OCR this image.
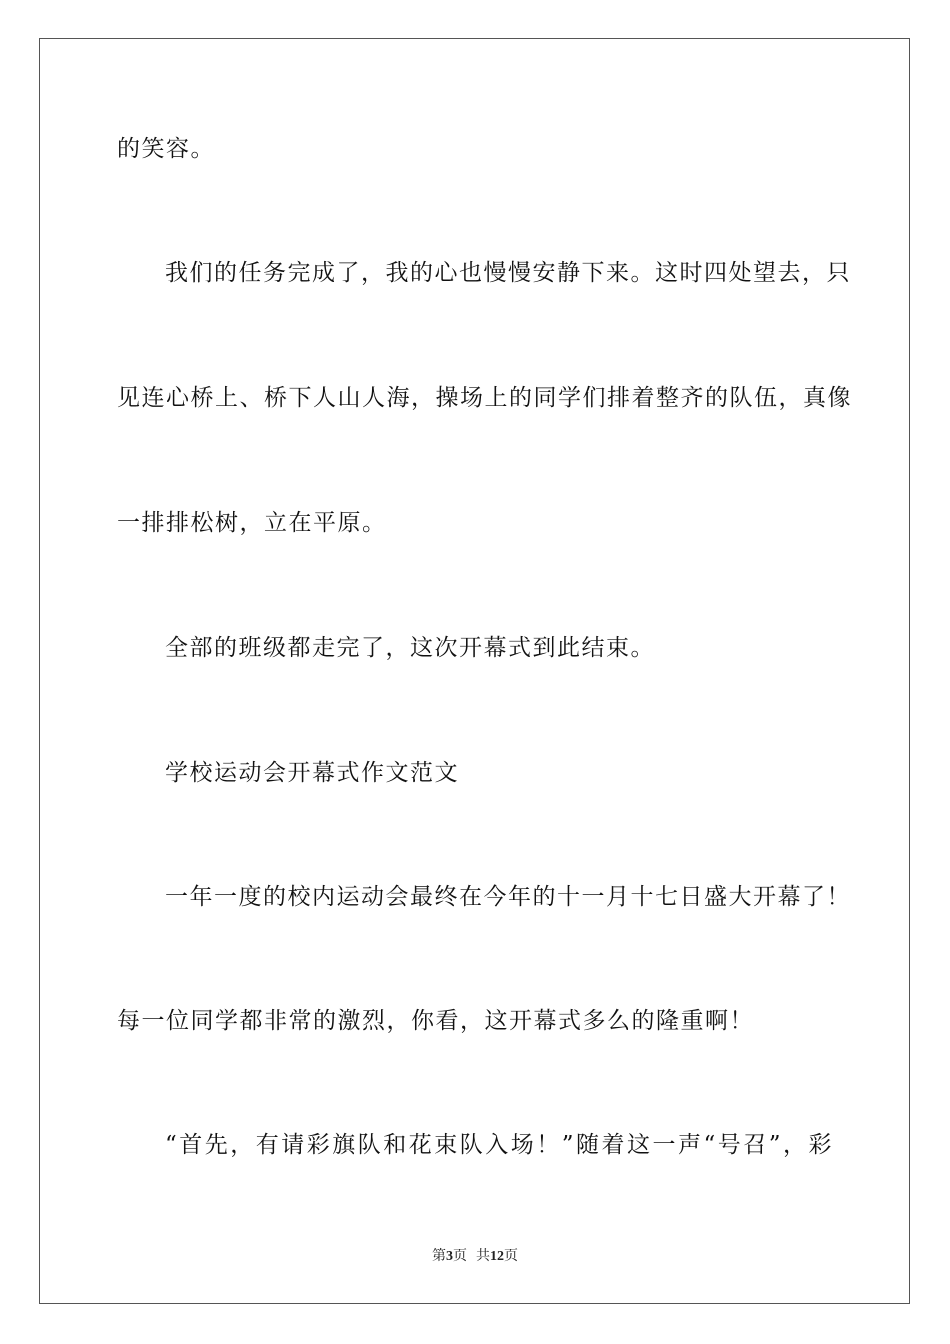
的笑容。
我们的任务完成了，我的心也慢慢安静下来。这时四处望去，只
见连心桥上、桥下人山人海，操场上的同学们排着整齐的队伍，真像
一排排松树，立在平原。
全部的班级都走完了，这次开幕式到此结束。
学校运动会开幕式作文范文
一年一度的校内运动会最终在今年的十一月十七日盛大开幕了！
每一位同学都非常的激烈，你看，这开幕式多么的隆重啊！
“首先，有请彩旗队和花束队入场！”随着这一声“号召”，彩
第3页  共12页
